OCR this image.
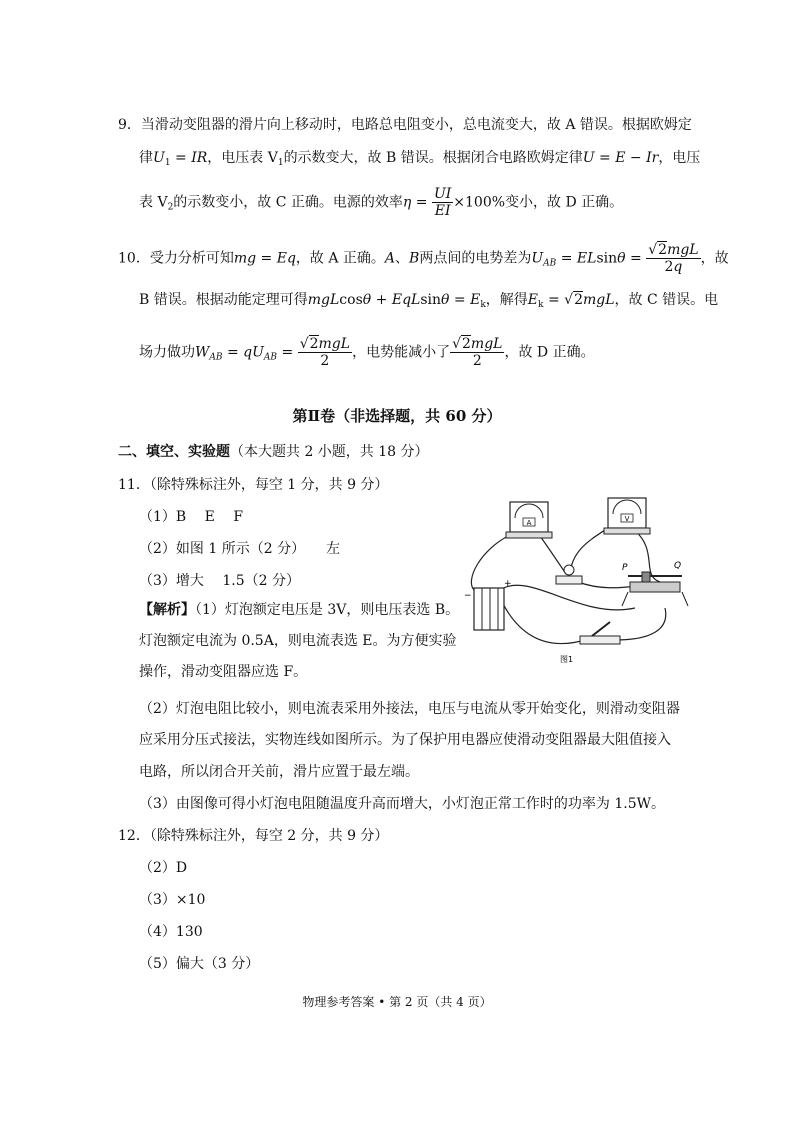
9．当滑动变阻器的滑片向上移动时，电路总电阻变小，总电流变大，故 A 错误。根据欧姆定
律$U_1$ = IR，电压表 $V_1$的示数变大，故 B 错误。根据闭合电路欧姆定律U = E − Ir，电压
表 $V_2$的示数变小，故 C 正确。电源的效率$\eta = \frac{UI}{EI} \times 100\%$变小，故 D 正确。
10．受力分析可知mg = Eq，故 A 正确。A、B两点间的电势差为$U_{AB} = ELsin\theta = \frac{\text{√2mgL}}{2q}$ ，故
B 错误。根据动能定理可得$mgLcos\theta + EqLsin\theta = E_k$，解得$E_k = √2mgL$，故 C 错误。电
场力做功$W_{AB} = qU_{AB} = \frac{\text{√2mgL}}{2}$ ，电势能减小了 $\frac{\text{√2mgL}}{2}$ ，故 D 正确。
第Ⅱ卷（非选择题，共 60 分）
二、填空、实验题（本大题共 2 小题，共 18 分）
11．（除特殊标注外，每空 1 分，共 9 分）
（1）B　 E　 F
（2）如图 1 所示（2 分）　　左
（3）增大　 1.5（2 分）
【解析】（1）灯泡额定电压是 3V，则电压表选 B。
灯泡额定电流为 0.5A，则电流表选 E。为方便实验
操作，滑动变阻器应选 F。
（2）灯泡电阻比较小，则电流表采用外接法，电压与电流从零开始变化，则滑动变阻器
应采用分压式接法，实物连线如图所示。为了保护用电器应使滑动变阻器最大阻值接入
电路，所以闭合开关前，滑片应置于最左端。
（3）由图像可得小灯泡电阻随温度升高而增大，小灯泡正常工作时的功率为 1.5W。
12．（除特殊标注外，每空 2 分，共 9 分）
（2）D
（3）×10
（4）130
（5）偏大（3 分）
物理参考答案 • 第 2 页（共 4 页）
A	V
P	Q
−
+
图1
